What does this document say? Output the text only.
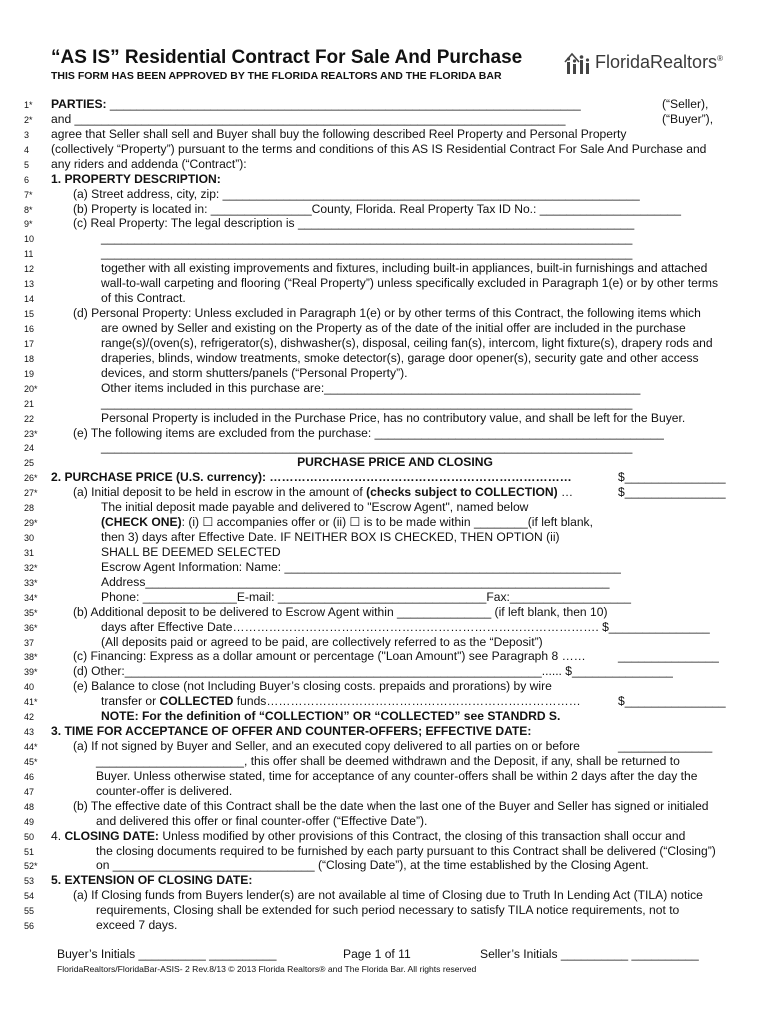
“AS IS” Residential Contract For Sale And Purchase
THIS FORM HAS BEEN APPROVED BY THE FLORIDA REALTORS AND THE FLORIDA BAR
FloridaRealtors®
1*	PARTIES: ______________________________________________________________________	(“Seller),
2*	and _________________________________________________________________________	(“Buyer”),
3	agree that Seller shall sell and Buyer shall buy the following described Reel Property and Personal Property
4	(collectively “Property”) pursuant to the terms and conditions of this AS IS Residential Contract For Sale And Purchase and
5	any riders and addenda (“Contract”):
6	1. PROPERTY DESCRIPTION:
7*	(a) Street address, city, zip: ______________________________________________________________
8*	(b) Property is located in: _______________County, Florida. Real Property Tax ID No.: _____________________
9*	(c) Real Property: The legal description is __________________________________________________
10	_______________________________________________________________________________
11	_______________________________________________________________________________
12	together with all existing improvements and fixtures, including built-in appliances, built-in furnishings and attached
13	wall-to-wall carpeting and flooring (“Real Property”) unless specifically excluded in Paragraph 1(e) or by other terms
14	of this Contract.
15	(d) Personal Property: Unless excluded in Paragraph 1(e) or by other terms of this Contract, the following items which
16	are owned by Seller and existing on the Property as of the date of the initial offer are included in the purchase
17	range(s)/(oven(s), refrigerator(s), dishwasher(s), disposal, ceiling fan(s), intercom, light fixture(s), drapery rods and
18	draperies, blinds, window treatments, smoke detector(s), garage door opener(s), security gate and other access
19	devices, and storm shutters/panels (“Personal Property”).
20*	Other items included in this purchase are:_______________________________________________
21	_______________________________________________________________________________
22	Personal Property is included in the Purchase Price, has no contributory value, and shall be left for the Buyer.
23*	(e) The following items are excluded from the purchase: ___________________________________________
24	_______________________________________________________________________________
25	PURCHASE PRICE AND CLOSING
26* 2. PURCHASE PRICE (U.S. currency): …………………………………………………………………	$_______________
27*	(a) Initial deposit to be held in escrow in the amount of (checks subject to COLLECTION) …	$_______________
28	The initial deposit made payable and delivered to "Escrow Agent", named below
29*	(CHECK ONE): (i) ☐ accompanies offer or (ii) ☐ is to be made within ________(if left blank,
30	then 3) days after Effective Date. IF NEITHER BOX IS CHECKED, THEN OPTION (ii)
31	SHALL BE DEEMED SELECTED
32*	Escrow Agent Information: Name: __________________________________________________
33*	Address_____________________________________________________________________
34*	Phone: ______________E-mail: _______________________________Fax:__________________
35*	(b) Additional deposit to be delivered to Escrow Agent within ______________ (if left blank, then 10)
36*	days after Effective Date………………………………………………………………………………. $_______________
37	(All deposits paid or agreed to be paid, are collectively referred to as the “Deposit”)
38*	(c) Financing: Express as a dollar amount or percentage ("Loan Amount") see Paragraph 8 ……	_______________
39*	(d) Other:______________________________________________________________...... $_______________
40	(e) Balance to close (not Including Buyer’s closing costs. prepaids and prorations) by wire
41*	transfer or COLLECTED funds……………………………………………………………………	$_______________
42	NOTE: For the definition of “COLLECTION” OR “COLLECTED” see STANDRD S.
43	3. TIME FOR ACCEPTANCE OF OFFER AND COUNTER-OFFERS; EFFECTIVE DATE:
44*	(a) If not signed by Buyer and Seller, and an executed copy delivered to all parties on or before	______________
45*	______________________, this offer shall be deemed withdrawn and the Deposit, if any, shall be returned to
46	Buyer. Unless otherwise stated, time for acceptance of any counter-offers shall be within 2 days after the day the
47	counter-offer is delivered.
48	(b) The effective date of this Contract shall be the date when the last one of the Buyer and Seller has signed or initialed
49	and delivered this offer or final counter-offer (“Effective Date”).
50	4. CLOSING DATE: Unless modified by other provisions of this Contract, the closing of this transaction shall occur and
51	the closing documents required to be furnished by each party pursuant to this Contract shall be delivered (“Closing”)
52*	on ______________________________ (“Closing Date”), at the time established by the Closing Agent.
53	5. EXTENSION OF CLOSING DATE:
54	(a) If Closing funds from Buyers lender(s) are not available al time of Closing due to Truth In Lending Act (TILA) notice
55	requirements, Closing shall be extended for such period necessary to satisfy TILA notice requirements, not to
56	exceed 7 days.
Buyer’s Initials __________ __________	Page 1 of 11	Seller’s Initials __________ __________
FloridaRealtors/FloridaBar-ASIS- 2 Rev.8/13 © 2013 Florida Realtors® and The Florida Bar. All rights reserved
